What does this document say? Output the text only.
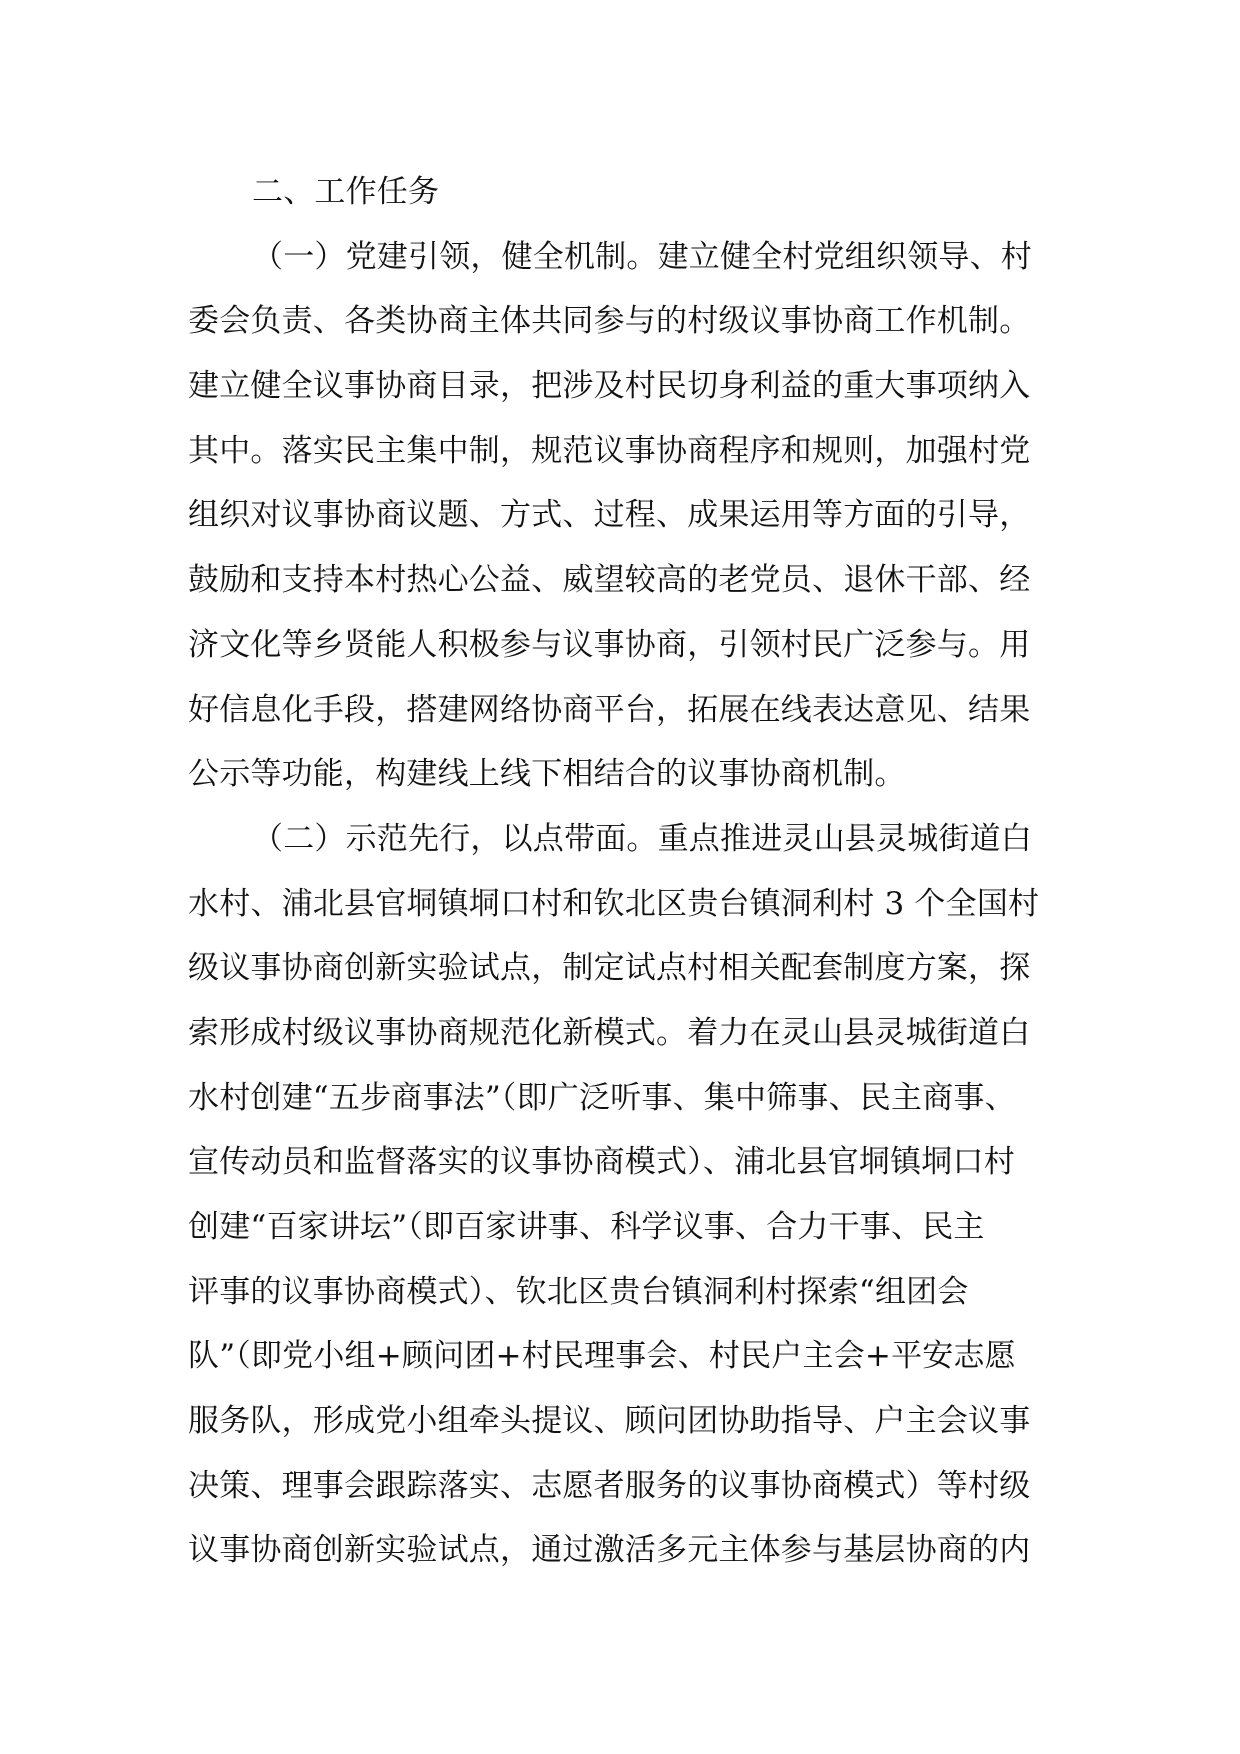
二、工作任务
（一）党建引领，健全机制。建立健全村党组织领导、村
委会负责、各类协商主体共同参与的村级议事协商工作机制。
建立健全议事协商目录，把涉及村民切身利益的重大事项纳入
其中。落实民主集中制，规范议事协商程序和规则，加强村党
组织对议事协商议题、方式、过程、成果运用等方面的引导，
鼓励和支持本村热心公益、威望较高的老党员、退休干部、经
济文化等乡贤能人积极参与议事协商，引领村民广泛参与。用
好信息化手段，搭建网络协商平台，拓展在线表达意见、结果
公示等功能，构建线上线下相结合的议事协商机制。
（二）示范先行，以点带面。重点推进灵山县灵城街道白
水村、浦北县官垌镇垌口村和钦北区贵台镇洞利村 3 个全国村
级议事协商创新实验试点，制定试点村相关配套制度方案，探
索形成村级议事协商规范化新模式。着力在灵山县灵城街道白
水村创建“五步商事法”（即广泛听事、集中筛事、民主商事、
宣传动员和监督落实的议事协商模式）、浦北县官垌镇垌口村
创建“百家讲坛”（即百家讲事、科学议事、合力干事、民主
评事的议事协商模式）、钦北区贵台镇洞利村探索“组团会
队”（即党小组+顾问团+村民理事会、村民户主会+平安志愿
服务队，形成党小组牵头提议、顾问团协助指导、户主会议事
决策、理事会跟踪落实、志愿者服务的议事协商模式）等村级
议事协商创新实验试点，通过激活多元主体参与基层协商的内
